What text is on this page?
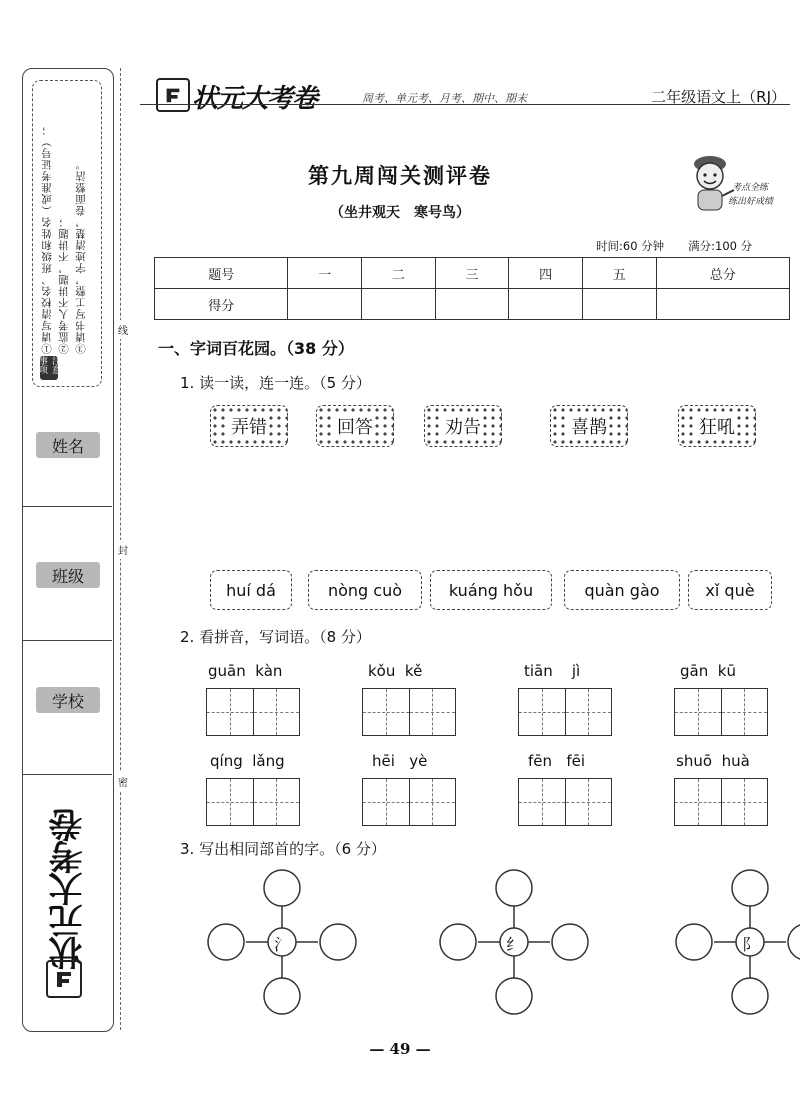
①请写清校名、班级和姓名（或准考证号）； ②监考人不讲题，不讲题； ③请书写工整，字迹清楚，卷面整洁。
注意事项
姓名
班级
学校
状元大考卷
线
封
密
状元大考卷	周考、单元考、月考、期中、期末	二年级语文上（RJ）
考点全练
练出好成绩
第九周闯关测评卷
（坐井观天　寒号鸟）
时间:60 分钟 满分:100 分
题号	一	二	三	四	五	总分
得分						
一、字词百花园。（38 分）
1. 读一读，连一连。（5 分）
弄错	回答	劝告	喜鹊	狂吼
huí dá	nòng cuò	kuáng hǒu	quàn gào	xǐ què
2. 看拼音，写词语。（8 分）
guān kàn	kǒu kě	tiān jì	gān kū
qíng lǎng	hēi yè	fēn fēi	shuō huà
3. 写出相同部首的字。（6 分）
氵	纟	阝
— 49 —
